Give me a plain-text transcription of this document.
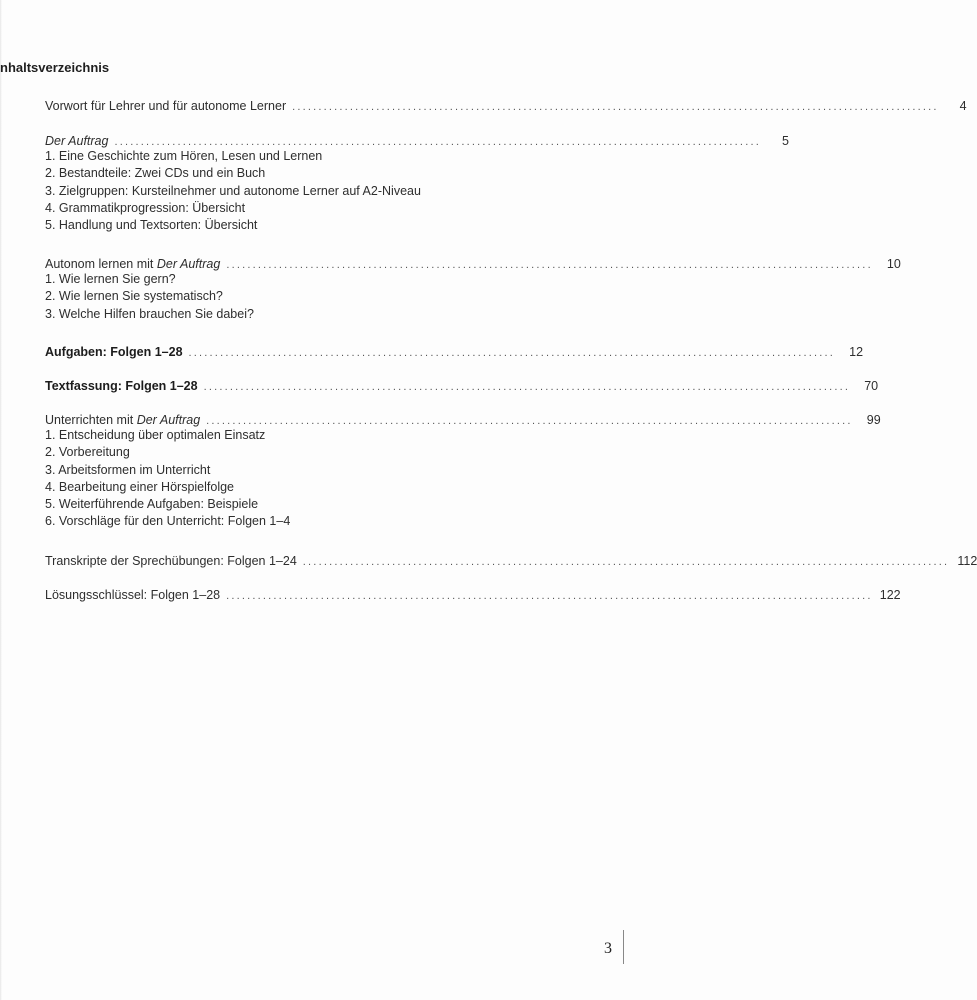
nhaltsverzeichnis
Vorwort für Lehrer und für autonome Lerner ...........................................................................................................................	4
Der Auftrag ...........................................................................................................................	5
1. Eine Geschichte zum Hören, Lesen und Lernen
2. Bestandteile: Zwei CDs und ein Buch
3. Zielgruppen: Kursteilnehmer und autonome Lerner auf A2-Niveau
4. Grammatikprogression: Übersicht
5. Handlung und Textsorten: Übersicht
Autonom lernen mit Der Auftrag ...........................................................................................................................	10
1. Wie lernen Sie gern?
2. Wie lernen Sie systematisch?
3. Welche Hilfen brauchen Sie dabei?
Aufgaben: Folgen 1–28 ...........................................................................................................................	12
Textfassung: Folgen 1–28 ...........................................................................................................................	70
Unterrichten mit Der Auftrag ...........................................................................................................................	99
1. Entscheidung über optimalen Einsatz
2. Vorbereitung
3. Arbeitsformen im Unterricht
4. Bearbeitung einer Hörspielfolge
5. Weiterführende Aufgaben: Beispiele
6. Vorschläge für den Unterricht: Folgen 1–4
Transkripte der Sprechübungen: Folgen 1–24 ........................................................................................................................... 112
Lösungsschlüssel: Folgen 1–28 ........................................................................................................................... 122
3
